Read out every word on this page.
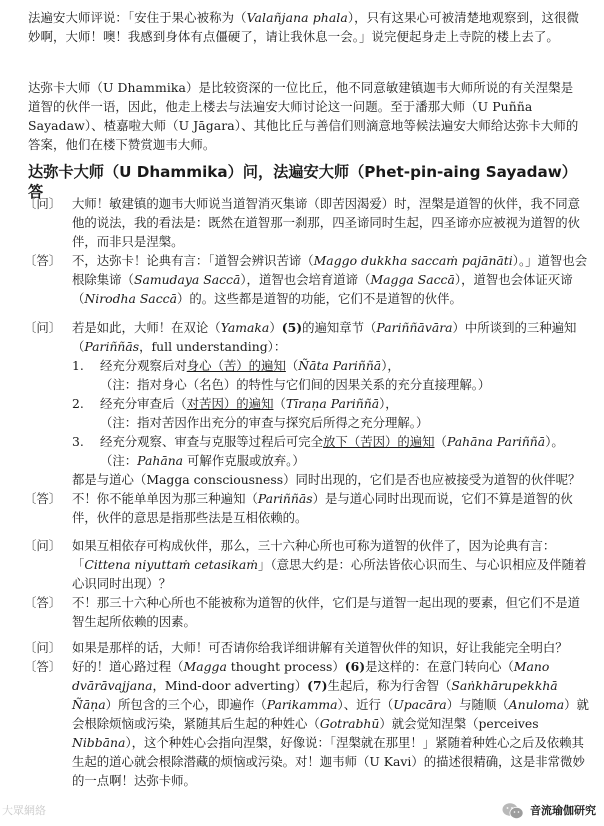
法遍安大师评说：「安住于果心被称为（Valañjana phala），只有这果心可被清楚地观察到，这很微妙啊，大师！噢！我感到身体有点僵硬了，请让我休息一会。」说完便起身走上寺院的楼上去了。
达弥卡大师（U Dhammika）是比较资深的一位比丘，他不同意敏建镇迦韦大师所说的有关涅槃是道智的伙伴一语，因此，他走上楼去与法遍安大师讨论这一问题。至于潘那大师（U Puñña Sayadaw）、楂嘉啦大师（U Jāgara）、其他比丘与善信们则滴意地等候法遍安大师给达弥卡大师的答案，他们在楼下赞赏迦韦大师。
达弥卡大师（U Dhammika）问，法遍安大师（Phet-pin-aing Sayadaw）答
〔问〕 大师！敏建镇的迦韦大师说当道智消灭集谛（即苦因渴爱）时，涅槃是道智的伙伴，我不同意他的说法，我的看法是：既然在道智那一刹那，四圣谛同时生起，四圣谛亦应被视为道智的伙伴，而非只是涅槃。
〔答〕 不，达弥卡！论典有言：「道智会辨识苦谛（Maggo dukkha saccaṁ pajānāti）。」道智也会根除集谛（Samudaya Saccā），道智也会培育道谛（Magga Saccā），道智也会体证灭谛（Nirodha Saccā）的。这些都是道智的功能，它们不是道智的伙伴。
〔问〕 若是如此，大师！在双论（Yamaka）(5)的遍知章节（Pariññāvāra）中所谈到的三种遍知（Pariññās，full understanding）：
1. 经充分观察后对身心（苦）的遍知（Ñāta Pariññā），
（注：指对身心（名色）的特性与它们间的因果关系的充分直接理解。）
2. 经充分审查后（对苦因）的遍知（Tīraṇa Pariññā），
（注：指对苦因作出充分的审查与探究后所得之充分理解。）
3. 经充分观察、审查与克服等过程后可完全放下（苦因）的遍知（Pahāna Pariññā）。
（注：Pahāna 可解作克服或放弃。）
都是与道心（Magga consciousness）同时出现的，它们是否也应被接受为道智的伙伴呢？
〔答〕 不！你不能单单因为那三种遍知（Pariññās）是与道心同时出现而说，它们不算是道智的伙伴，伙伴的意思是指那些法是互相依赖的。
〔问〕 如果互相依存可构成伙伴，那么，三十六种心所也可称为道智的伙伴了，因为论典有言：「Cittena niyuttaṁ cetasikaṁ」（意思大约是：心所法皆依心识而生、与心识相应及伴随着心识同时出现）？
〔答〕 不！那三十六种心所也不能被称为道智的伙伴，它们是与道智一起出现的要素，但它们不是道智生起所依赖的因素。
〔问〕 如果是那样的话，大师！可否请你给我详细讲解有关道智伙伴的知识，好让我能完全明白？
〔答〕 好的！道心路过程（Magga thought process）(6)是这样的：在意门转向心（Mano dvārāvajjana，Mind-door adverting）(7)生起后，称为行舍智（Saṅkhārupekkhā Ñāṇa）所包含的三个心，即遍作（Parikamma）、近行（Upacāra）与随顺（Anuloma）就会根除烦恼或污染，紧随其后生起的种姓心（Gotrabhū）就会觉知涅槃（perceives Nibbāna），这个种姓心会指向涅槃，好像说：「涅槃就在那里！」紧随着种姓心之后及依赖其生起的道心就会根除潜藏的烦恼或污染。对！迦韦师（U Kavi）的描述很精确，这是非常微妙的一点啊！达弥卡师。
大眾網絡	音流瑜伽研究
